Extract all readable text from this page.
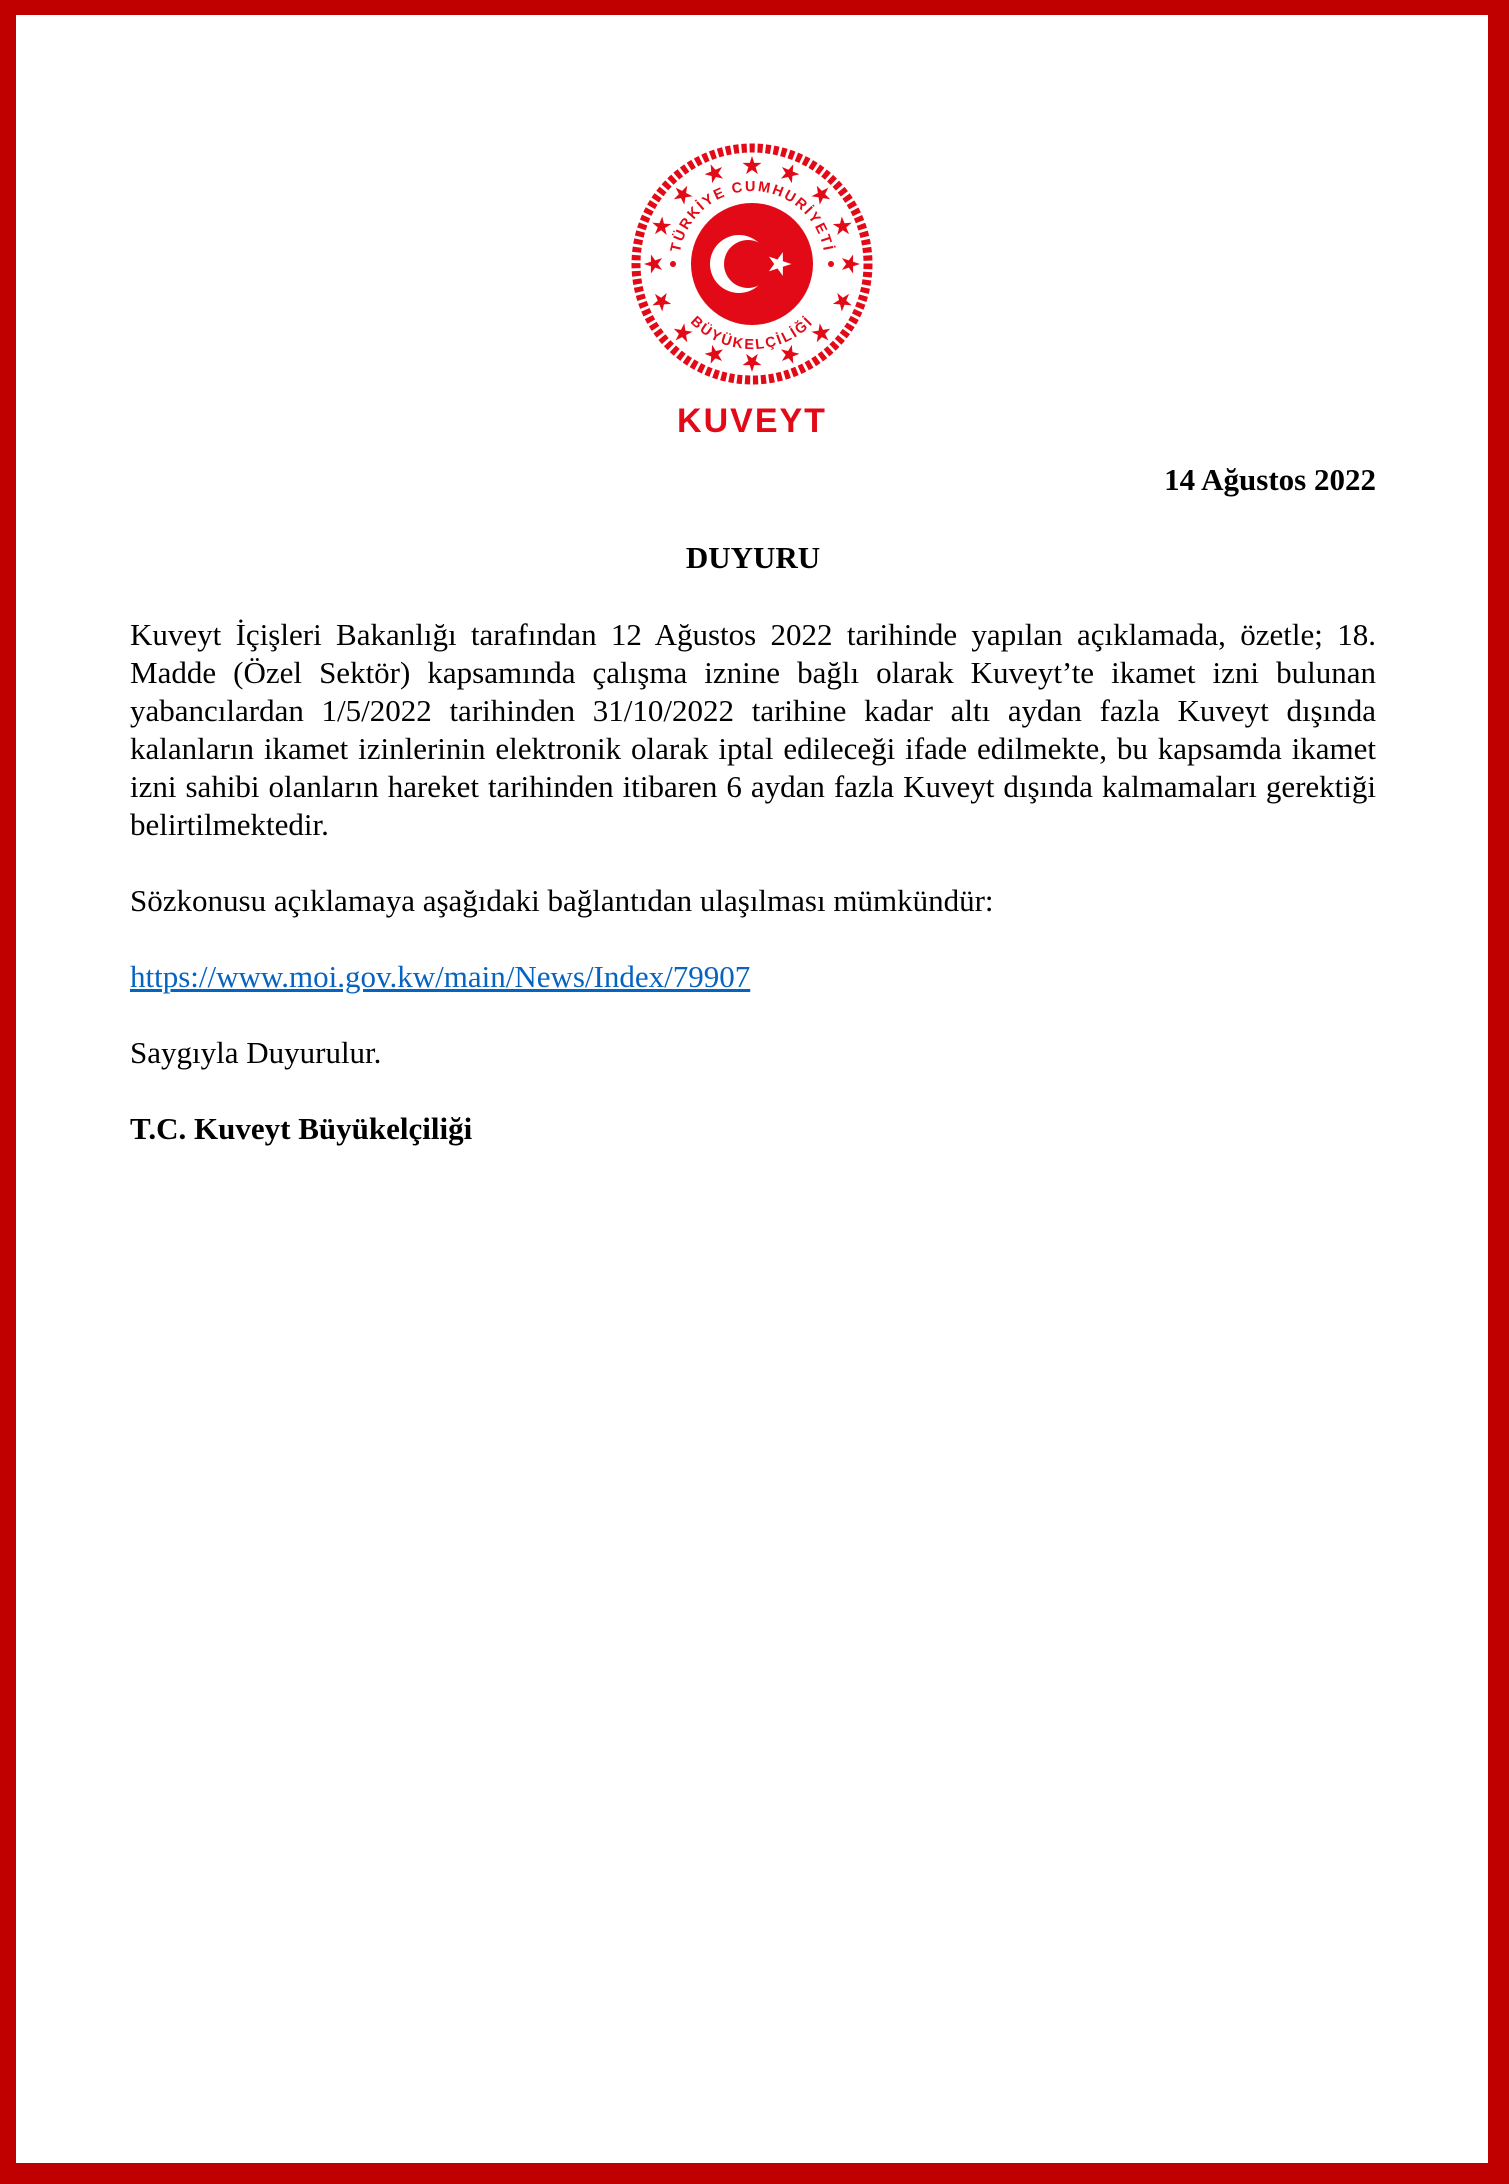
TÜRKİYE CUMHURİYETİ
BÜYÜKELÇİLİĞİ
KUVEYT

14 Ağustos 2022

DUYURU

Kuveyt İçişleri Bakanlığı tarafından 12 Ağustos 2022 tarihinde yapılan açıklamada, özetle; 18. Madde (Özel Sektör) kapsamında çalışma iznine bağlı olarak Kuveyt’te ikamet izni bulunan yabancılardan 1/5/2022 tarihinden 31/10/2022 tarihine kadar altı aydan fazla Kuveyt dışında kalanların ikamet izinlerinin elektronik olarak iptal edileceği ifade edilmekte, bu kapsamda ikamet izni sahibi olanların hareket tarihinden itibaren 6 aydan fazla Kuveyt dışında kalmamaları gerektiği belirtilmektedir.

Sözkonusu açıklamaya aşağıdaki bağlantıdan ulaşılması mümkündür:

https://www.moi.gov.kw/main/News/Index/79907

Saygıyla Duyurulur.

T.C. Kuveyt Büyükelçiliği
